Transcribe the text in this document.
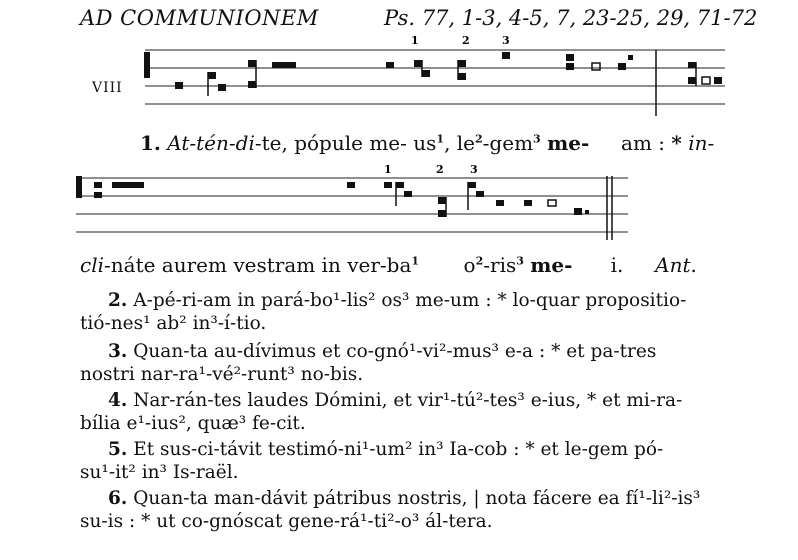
AD COMMUNIONEM	Ps. 77, 1-3, 4-5, 7, 23-25, 29, 71-72
VIII
1	2	3
1. At-tén-di-te, pópule me- us$^1$, le$^2$-gem$^3$ me- am : * in-
1	2 3
cli-náte aurem vestram in ver-ba$^1$ o$^2$-ris$^3$ me- i. Ant.
2. A-pé-ri-am in pará-bo¹-lis² os³ me-um : * lo-quar propositio-
tió-nes¹ ab² in³-í-tio.
3. Quan-ta au-dívimus et co-gnó¹-vi²-mus³ e-a : * et pa-tres
nostri nar-ra¹-vé²-runt³ no-bis.
4. Nar-rán-tes laudes Dómini, et vir¹-tú²-tes³ e-ius, * et mi-ra-
bília e¹-ius², quæ³ fe-cit.
5. Et sus-ci-távit testimó-ni¹-um² in³ Ia-cob : * et le-gem pó-
su¹-it² in³ Is-raël.
6. Quan-ta man-dávit pátribus nostris, | nota fácere ea fí¹-li²-is³
su-is : * ut co-gnóscat gene-rá¹-ti²-o³ ál-tera.
